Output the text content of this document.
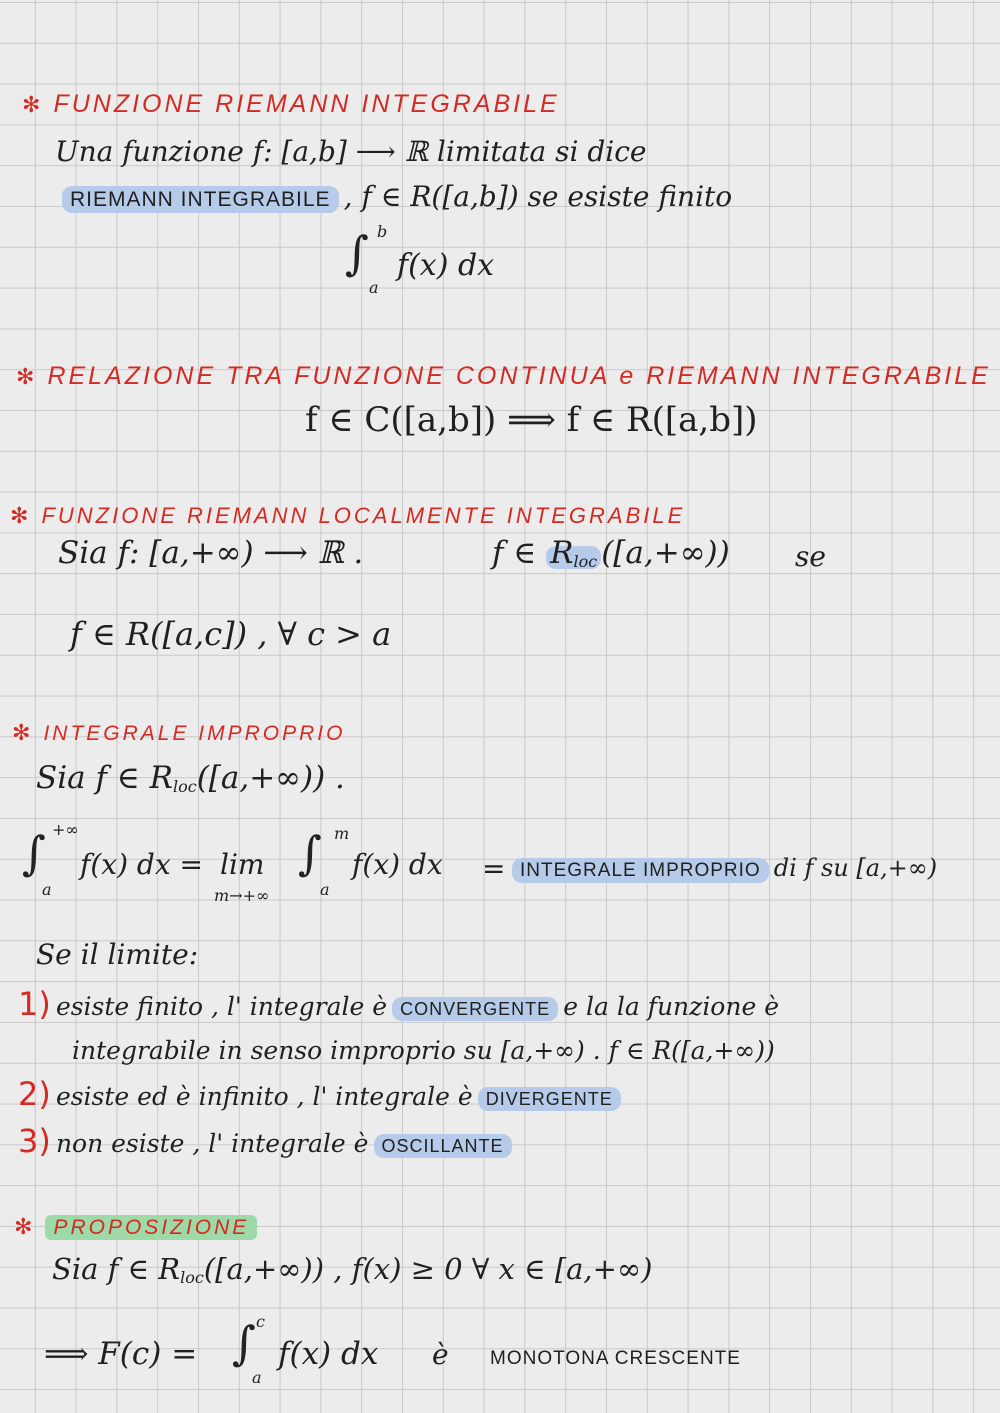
✻ FUNZIONE RIEMANN INTEGRABILE
Una funzione f: [a,b] ⟶ ℝ limitata si dice
RIEMANN INTEGRABILE , f ∈ R([a,b]) se esiste finito
∫ b
a
f(x) dx
✻ RELAZIONE TRA FUNZIONE CONTINUA e RIEMANN INTEGRABILE
f ∈ C([a,b]) ⟹ f ∈ R([a,b])
✻ FUNZIONE RIEMANN LOCALMENTE INTEGRABILE
Sia f: [a,+∞) ⟶ ℝ .	f ∈ $R_{loc}$ ([a,+∞)) se
f ∈ R([a,c]) , ∀ c > a
✻ INTEGRALE IMPROPRIO
Sia f ∈ $R_{loc}([a,+\infty))$ .
∫ +∞
a
f(x) dx = lim
m→+∞
∫ m
a
f(x) dx = INTEGRALE IMPROPRIO di f su [a,+∞)
Se il limite:
1) esiste finito , l' integrale è CONVERGENTE e la la funzione è
integrabile in senso improprio su [a,+∞) . f ∈ R([a,+∞))
2) esiste ed è infinito , l' integrale è DIVERGENTE
3) non esiste , l' integrale è OSCILLANTE
✻ PROPOSIZIONE
Sia f ∈ $R_{loc}([a,+\infty))$ , f(x) ≥ 0 ∀ x ∈ [a,+∞)
⟹ F(c) = ∫ c
a
f(x) dx è MONOTONA CRESCENTE
